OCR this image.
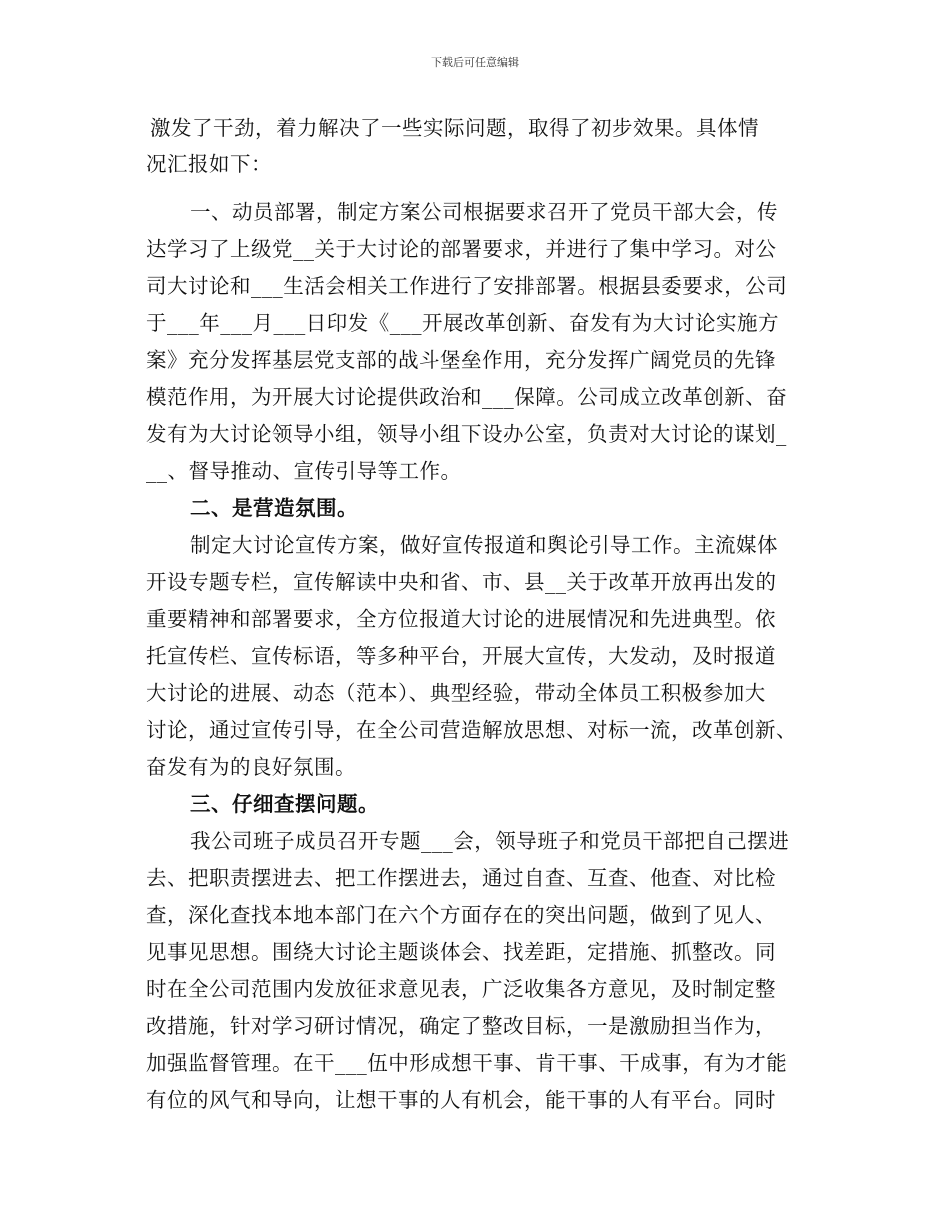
下载后可任意编辑
激发了干劲，着力解决了一些实际问题，取得了初步效果。具体情
况汇报如下：
一、动员部署，制定方案公司根据要求召开了党员干部大会，传
达学习了上级党__关于大讨论的部署要求，并进行了集中学习。对公
司大讨论和___生活会相关工作进行了安排部署。根据县委要求，公司
于___年___月___日印发《___开展改革创新、奋发有为大讨论实施方
案》充分发挥基层党支部的战斗堡垒作用，充分发挥广阔党员的先锋
模范作用，为开展大讨论提供政治和___保障。公司成立改革创新、奋
发有为大讨论领导小组，领导小组下设办公室，负责对大讨论的谋划_
__、督导推动、宣传引导等工作。
二、是营造氛围。
制定大讨论宣传方案，做好宣传报道和舆论引导工作。主流媒体
开设专题专栏，宣传解读中央和省、市、县__关于改革开放再出发的
重要精神和部署要求，全方位报道大讨论的进展情况和先进典型。依
托宣传栏、宣传标语，等多种平台，开展大宣传，大发动，及时报道
大讨论的进展、动态（范本）、典型经验，带动全体员工积极参加大
讨论，通过宣传引导，在全公司营造解放思想、对标一流，改革创新、
奋发有为的良好氛围。
三、仔细查摆问题。
我公司班子成员召开专题___会，领导班子和党员干部把自己摆进
去、把职责摆进去、把工作摆进去，通过自查、互查、他查、对比检
查，深化查找本地本部门在六个方面存在的突出问题，做到了见人、
见事见思想。围绕大讨论主题谈体会、找差距，定措施、抓整改。同
时在全公司范围内发放征求意见表，广泛收集各方意见，及时制定整
改措施，针对学习研讨情况，确定了整改目标，一是激励担当作为，
加强监督管理。在干___伍中形成想干事、肯干事、干成事，有为才能
有位的风气和导向，让想干事的人有机会，能干事的人有平台。同时
